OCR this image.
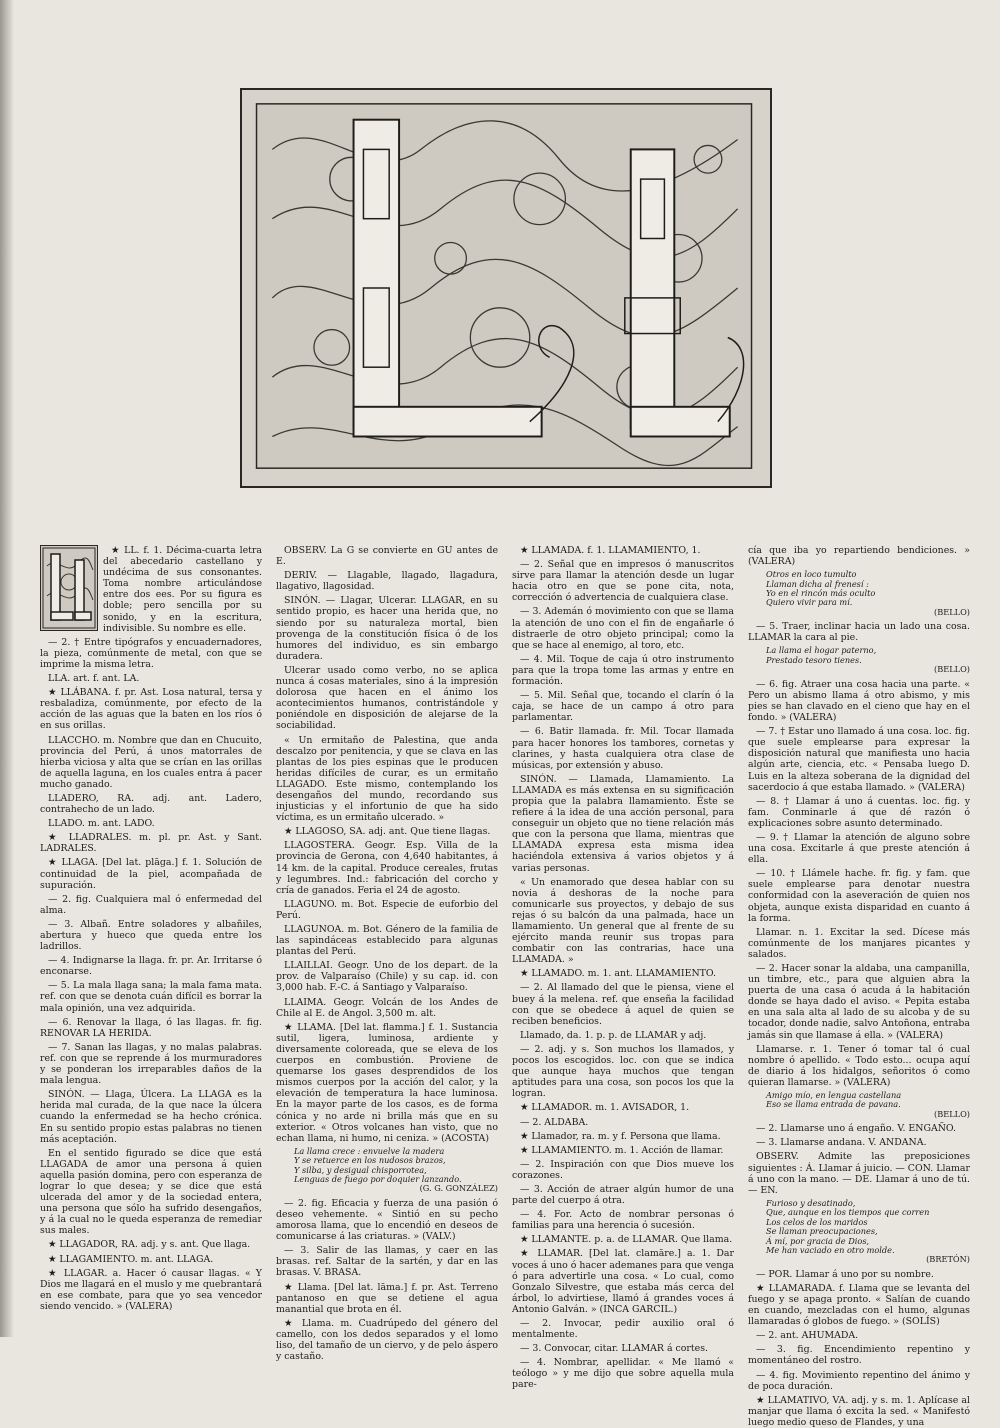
★ LL. f. 1. Décima-cuarta letra del abecedario castellano y undécima de sus consonantes. Toma nombre articulándose entre dos ees. Por su figura es doble; pero sencilla por su sonido, y en la escritura, indivisible. Su nombre es elle.

— 2. † Entre tipógrafos y encuadernadores, la pieza, comúnmente de metal, con que se imprime la misma letra.

LLA. art. f. ant. LA.

★ LLÁBANA. f. pr. Ast. Losa natural, tersa y resbaladiza, comúnmente, por efecto de la acción de las aguas que la baten en los ríos ó en sus orillas.

LLACCHO. m. Nombre que dan en Chucuito, provincia del Perú, á unos matorrales de hierba viciosa y alta que se crían en las orillas de aquella laguna, en los cuales entra á pacer mucho ganado.

LLADERO, RA. adj. ant. Ladero, contrahecho de un lado.

LLADO. m. ant. LADO.

★ LLADRALES. m. pl. pr. Ast. y Sant. LADRALES.

★ LLAGA. [Del lat. plāga.] f. 1. Solución de continuidad de la piel, acompañada de supuración.

— 2. fig. Cualquiera mal ó enfermedad del alma.

— 3. Albañ. Entre soladores y albañiles, abertura y hueco que queda entre los ladrillos.

— 4. Indignarse la llaga. fr. pr. Ar. Irritarse ó enconarse.

— 5. La mala llaga sana; la mala fama mata. ref. con que se denota cuán difícil es borrar la mala opinión, una vez adquirida.

— 6. Renovar la llaga, ó las llagas. fr. fig. RENOVAR LA HERIDA.

— 7. Sanan las llagas, y no malas palabras. ref. con que se reprende á los murmuradores y se ponderan los irreparables daños de la mala lengua.

SINÓN. — Llaga, Úlcera. La LLAGA es la herida mal curada, de la que nace la úlcera cuando la enfermedad se ha hecho crónica. En su sentido propio estas palabras no tienen más aceptación.

En el sentido figurado se dice que está LLAGADA de amor una persona á quien aquella pasión domina, pero con esperanza de lograr lo que desea; y se dice que está ulcerada del amor y de la sociedad entera, una persona que sólo ha sufrido desengaños, y á la cual no le queda esperanza de remediar sus males.

★ LLAGADOR, RA. adj. y s. ant. Que llaga.

★ LLAGAMIENTO. m. ant. LLAGA.

★ LLAGAR. a. Hacer ó causar llagas. « Y Dios me llagará en el muslo y me quebrantará en ese combate, para que yo sea vencedor siendo vencido. » (VALERA)

OBSERV. La G se convierte en GU antes de E.

DERIV. — Llagable, llagado, llagadura, llagativo, llagosidad.

SINÓN. — Llagar, Ulcerar. LLAGAR, en su sentido propio, es hacer una herida que, no siendo por su naturaleza mortal, bien provenga de la constitución física ó de los humores del individuo, es sin embargo duradera.

Ulcerar usado como verbo, no se aplica nunca á cosas materiales, sino á la impresión dolorosa que hacen en el ánimo los acontecimientos humanos, contristándole y poniéndole en disposición de alejarse de la sociabilidad.

« Un ermitaño de Palestina, que anda descalzo por penitencia, y que se clava en las plantas de los pies espinas que le producen heridas difíciles de curar, es un ermitaño LLAGADO. Este mismo, contemplando los desengaños del mundo, recordando sus injusticias y el infortunio de que ha sido víctima, es un ermitaño ulcerado. »

★ LLAGOSO, SA. adj. ant. Que tiene llagas.

LLAGOSTERA. Geogr. Esp. Villa de la provincia de Gerona, con 4,640 habitantes, á 14 km. de la capital. Produce cereales, frutas y legumbres. Ind.: fabricación del corcho y cría de ganados. Feria el 24 de agosto.

LLAGUNO. m. Bot. Especie de euforbio del Perú.

LLAGUNOA. m. Bot. Género de la familia de las sapindáceas establecido para algunas plantas del Perú.

LLAILLAI. Geogr. Uno de los depart. de la prov. de Valparaíso (Chile) y su cap. id. con 3,000 hab. F.-C. á Santiago y Valparaíso.

LLAIMA. Geogr. Volcán de los Andes de Chile al E. de Angol. 3,500 m. alt.

★ LLAMA. [Del lat. flamma.] f. 1. Sustancia sutil, ligera, luminosa, ardiente y diversamente coloreada, que se eleva de los cuerpos en combustión. Proviene de quemarse los gases desprendidos de los mismos cuerpos por la acción del calor, y la elevación de temperatura la hace luminosa. En la mayor parte de los casos, es de forma cónica y no arde ni brilla más que en su exterior. « Otros volcanes han visto, que no echan llama, ni humo, ni ceniza. » (ACOSTA)

La llama crece : envuelve la madera
Y se retuerce en los nudosos brazos,
Y silba, y desigual chisporrotea,
Lenguas de fuego por doquier lanzando.
(G. G. GONZÁLEZ)

— 2. fig. Eficacia y fuerza de una pasión ó deseo vehemente. « Sintió en su pecho amorosa llama, que lo encendió en deseos de comunicarse á las criaturas. » (VALV.)

— 3. Salir de las llamas, y caer en las brasas. ref. Saltar de la sartén, y dar en las brasas. V. BRASA.

★ Llama. [Del lat. lāma.] f. pr. Ast. Terreno pantanoso en que se detiene el agua manantial que brota en él.

★ Llama. m. Cuadrúpedo del género del camello, con los dedos separados y el lomo liso, del tamaño de un ciervo, y de pelo áspero y castaño.

★ LLAMADA. f. 1. LLAMAMIENTO, 1.

— 2. Señal que en impresos ó manuscritos sirve para llamar la atención desde un lugar hacia otro en que se pone cita, nota, corrección ó advertencia de cualquiera clase.

— 3. Ademán ó movimiento con que se llama la atención de uno con el fin de engañarle ó distraerle de otro objeto principal; como la que se hace al enemigo, al toro, etc.

— 4. Mil. Toque de caja ú otro instrumento para que la tropa tome las armas y entre en formación.

— 5. Mil. Señal que, tocando el clarín ó la caja, se hace de un campo á otro para parlamentar.

— 6. Batir llamada. fr. Mil. Tocar llamada para hacer honores los tambores, cornetas y clarines, y hasta cualquiera otra clase de músicas, por extensión y abuso.

SINÓN. — Llamada, Llamamiento. La LLAMADA es más extensa en su significación propia que la palabra llamamiento. Éste se refiere á la idea de una acción personal, para conseguir un objeto que no tiene relación más que con la persona que llama, mientras que LLAMADA expresa esta misma idea haciéndola extensiva á varios objetos y á varias personas.

« Un enamorado que desea hablar con su novia á deshoras de la noche para comunicarle sus proyectos, y debajo de sus rejas ó su balcón da una palmada, hace un llamamiento. Un general que al frente de su ejército manda reunir sus tropas para combatir con las contrarias, hace una LLAMADA. »

★ LLAMADO. m. 1. ant. LLAMAMIENTO.

— 2. Al llamado del que le piensa, viene el buey á la melena. ref. que enseña la facilidad con que se obedece á aquel de quien se reciben beneficios.

Llamado, da. 1. p. p. de LLAMAR y adj.

— 2. adj. y s. Son muchos los llamados, y pocos los escogidos. loc. con que se indica que aunque haya muchos que tengan aptitudes para una cosa, son pocos los que la logran.

★ LLAMADOR. m. 1. AVISADOR, 1.

— 2. ALDABA.

★ Llamador, ra. m. y f. Persona que llama.

★ LLAMAMIENTO. m. 1. Acción de llamar.

— 2. Inspiración con que Dios mueve los corazones.

— 3. Acción de atraer algún humor de una parte del cuerpo á otra.

— 4. For. Acto de nombrar personas ó familias para una herencia ó sucesión.

★ LLAMANTE. p. a. de LLAMAR. Que llama.

★ LLAMAR. [Del lat. clamāre.] a. 1. Dar voces á uno ó hacer ademanes para que venga ó para advertirle una cosa. « Lo cual, como Gonzalo Silvestre, que estaba más cerca del árbol, lo advirtiese, llamó á grandes voces á Antonio Galván. » (INCA GARCIL.)

— 2. Invocar, pedir auxilio oral ó mentalmente.

— 3. Convocar, citar. LLAMAR á cortes.

— 4. Nombrar, apellidar. « Me llamó « teólogo » y me dijo que sobre aquella mula pare-

cía que iba yo repartiendo bendiciones. » (VALERA)

Otros en loco tumulto
Llaman dicha al frenesí :
Yo en el rincón más oculto
Quiero vivir para mí.
(BELLO)

— 5. Traer, inclinar hacia un lado una cosa. LLAMAR la cara al pie.

La llama el hogar paterno,
Prestado tesoro tienes.
(BELLO)

— 6. fig. Atraer una cosa hacia una parte. « Pero un abismo llama á otro abismo, y mis pies se han clavado en el cieno que hay en el fondo. » (VALERA)

— 7. † Estar uno llamado á una cosa. loc. fig. que suele emplearse para expresar la disposición natural que manifiesta uno hacia algún arte, ciencia, etc. « Pensaba luego D. Luis en la alteza soberana de la dignidad del sacerdocio á que estaba llamado. » (VALERA)

— 8. † Llamar á uno á cuentas. loc. fig. y fam. Conminarle á que dé razón ó explicaciones sobre asunto determinado.

— 9. † Llamar la atención de alguno sobre una cosa. Excitarle á que preste atención á ella.

— 10. † Llámele hache. fr. fig. y fam. que suele emplearse para denotar nuestra conformidad con la aseveración de quien nos objeta, aunque exista disparidad en cuanto á la forma.

Llamar. n. 1. Excitar la sed. Dícese más comúnmente de los manjares picantes y salados.

— 2. Hacer sonar la aldaba, una campanilla, un timbre, etc., para que alguien abra la puerta de una casa ó acuda á la habitación donde se haya dado el aviso. « Pepita estaba en una sala alta al lado de su alcoba y de su tocador, donde nadie, salvo Antoñona, entraba jamás sin que llamase á ella. » (VALERA)

Llamarse. r. 1. Tener ó tomar tal ó cual nombre ó apellido. « Todo esto... ocupa aquí de diario á los hidalgos, señoritos ó como quieran llamarse. » (VALERA)

Amigo mío, en lengua castellana
Eso se llama entrada de pavana.
(BELLO)

— 2. Llamarse uno á engaño. V. ENGAÑO.

— 3. Llamarse andana. V. ANDANA.

OBSERV. Admite las preposiciones siguientes : Á. Llamar á juicio. — CON. Llamar á uno con la mano. — DE. Llamar á uno de tú. — EN.

Furioso y desatinado,
Que, aunque en los tiempos que corren
Los celos de los maridos
Se llaman preocupaciones,
Á mí, por gracia de Dios,
Me han vaciado en otro molde.
(BRETÓN)

— POR. Llamar á uno por su nombre.

★ LLAMARADA. f. Llama que se levanta del fuego y se apaga pronto. « Salían de cuando en cuando, mezcladas con el humo, algunas llamaradas ó globos de fuego. » (SOLÍS)

— 2. ant. AHUMADA.

— 3. fig. Encendimiento repentino y momentáneo del rostro.

— 4. fig. Movimiento repentino del ánimo y de poca duración.

★ LLAMATIVO, VA. adj. y s. m. 1. Aplícase al manjar que llama ó excita la sed. « Manifestó luego medio queso de Flandes, y una
